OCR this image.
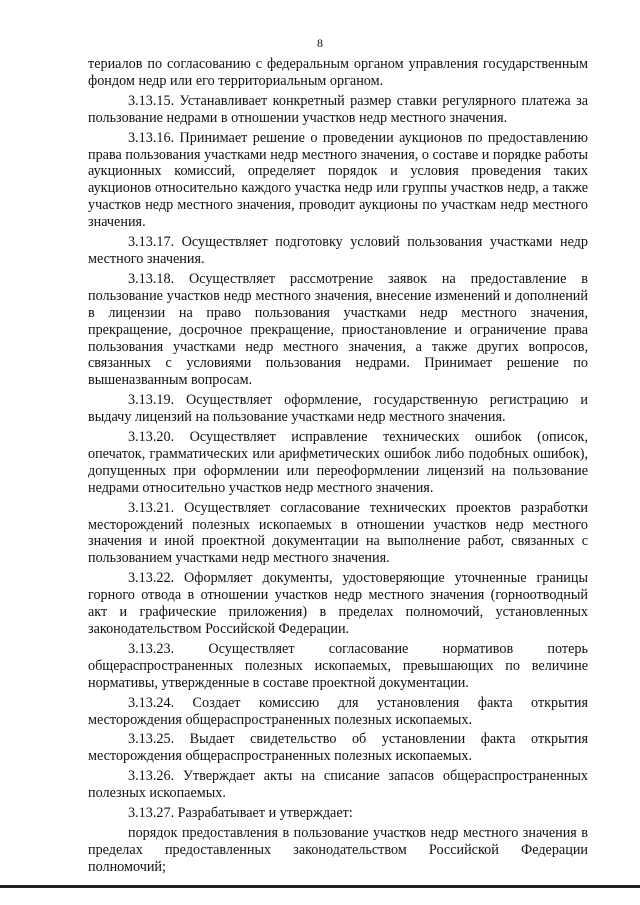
8

териалов по согласованию с федеральным органом управления государственным фондом недр или его территориальным органом.

3.13.15. Устанавливает конкретный размер ставки регулярного платежа за пользование недрами в отношении участков недр местного значения.

3.13.16. Принимает решение о проведении аукционов по предоставлению права пользования участками недр местного значения, о составе и порядке работы аукционных комиссий, определяет порядок и условия проведения таких аукционов относительно каждого участка недр или группы участков недр, а также участков недр местного значения, проводит аукционы по участкам недр местного значения.

3.13.17. Осуществляет подготовку условий пользования участками недр местного значения.

3.13.18. Осуществляет рассмотрение заявок на предоставление в пользование участков недр местного значения, внесение изменений и дополнений в лицензии на право пользования участками недр местного значения, прекращение, досрочное прекращение, приостановление и ограничение права пользования участками недр местного значения, а также других вопросов, связанных с условиями пользования недрами. Принимает решение по вышеназванным вопросам.

3.13.19. Осуществляет оформление, государственную регистрацию и выдачу лицензий на пользование участками недр местного значения.

3.13.20. Осуществляет исправление технических ошибок (описок, опечаток, грамматических или арифметических ошибок либо подобных ошибок), допущенных при оформлении или переоформлении лицензий на пользование недрами относительно участков недр местного значения.

3.13.21. Осуществляет согласование технических проектов разработки месторождений полезных ископаемых в отношении участков недр местного значения и иной проектной документации на выполнение работ, связанных с пользованием участками недр местного значения.

3.13.22. Оформляет документы, удостоверяющие уточненные границы горного отвода в отношении участков недр местного значения (горноотводный акт и графические приложения) в пределах полномочий, установленных законодательством Российской Федерации.

3.13.23. Осуществляет согласование нормативов потерь общераспространенных полезных ископаемых, превышающих по величине нормативы, утвержденные в составе проектной документации.

3.13.24. Создает комиссию для установления факта открытия месторождения общераспространенных полезных ископаемых.

3.13.25. Выдает свидетельство об установлении факта открытия месторождения общераспространенных полезных ископаемых.

3.13.26. Утверждает акты на списание запасов общераспространенных полезных ископаемых.

3.13.27. Разрабатывает и утверждает:

порядок предоставления в пользование участков недр местного значения в пределах предоставленных законодательством Российской Федерации полномочий;
